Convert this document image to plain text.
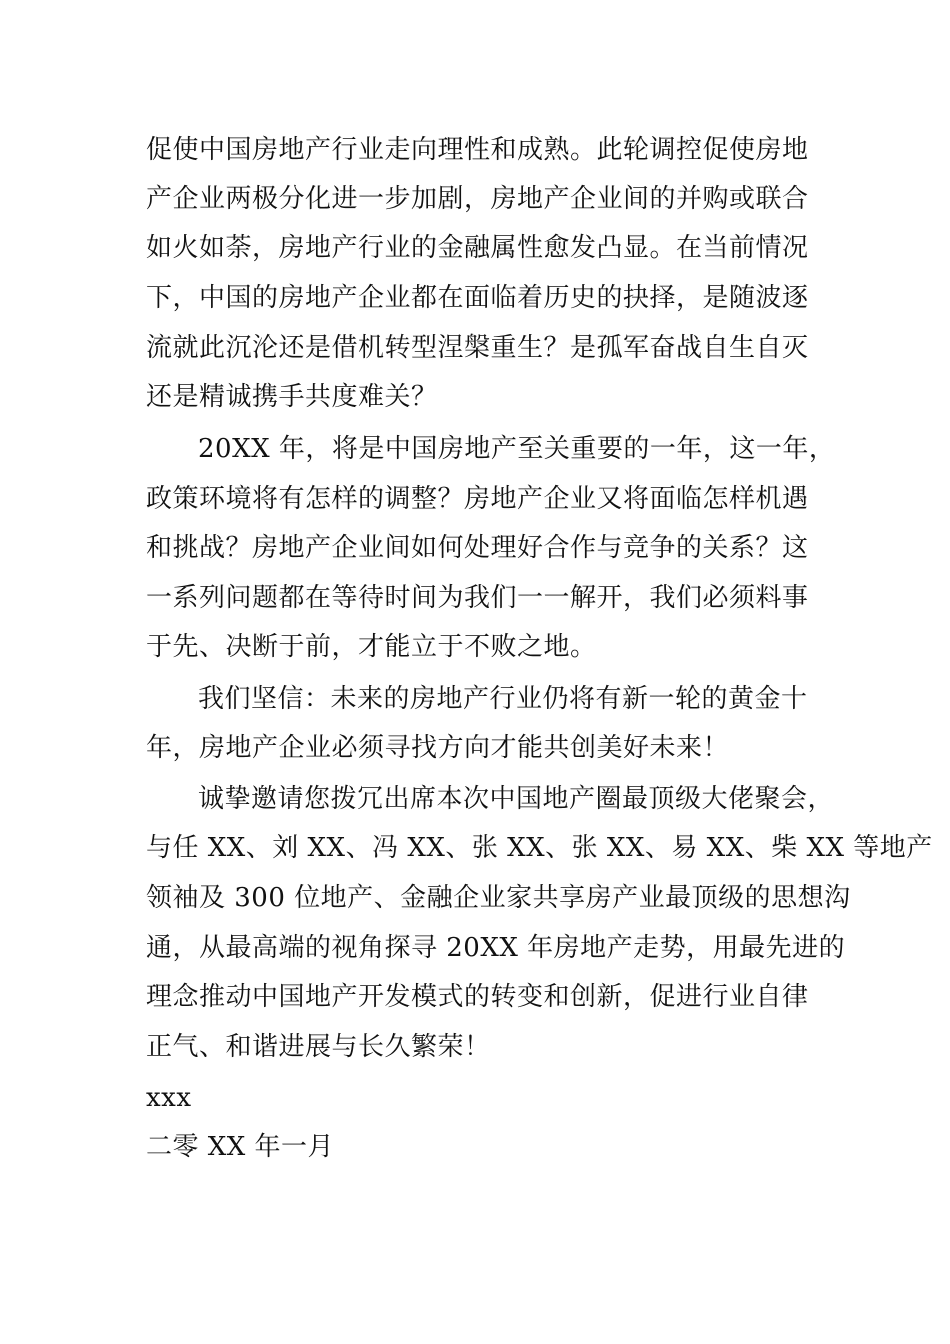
促使中国房地产行业走向理性和成熟。此轮调控促使房地
产企业两极分化进一步加剧，房地产企业间的并购或联合
如火如荼，房地产行业的金融属性愈发凸显。在当前情况
下，中国的房地产企业都在面临着历史的抉择，是随波逐
流就此沉沦还是借机转型涅槃重生？是孤军奋战自生自灭
还是精诚携手共度难关？
20XX 年，将是中国房地产至关重要的一年，这一年，
政策环境将有怎样的调整？房地产企业又将面临怎样机遇
和挑战？房地产企业间如何处理好合作与竞争的关系？这
一系列问题都在等待时间为我们一一解开，我们必须料事
于先、决断于前，才能立于不败之地。
我们坚信：未来的房地产行业仍将有新一轮的黄金十
年，房地产企业必须寻找方向才能共创美好未来！
诚挚邀请您拨冗出席本次中国地产圈最顶级大佬聚会，
与任 XX、刘 XX、冯 XX、张 XX、张 XX、易 XX、柴 XX 等地产
领袖及 300 位地产、金融企业家共享房产业最顶级的思想沟
通，从最高端的视角探寻 20XX 年房地产走势，用最先进的
理念推动中国地产开发模式的转变和创新，促进行业自律
正气、和谐进展与长久繁荣！
xxx
二零 XX 年一月
